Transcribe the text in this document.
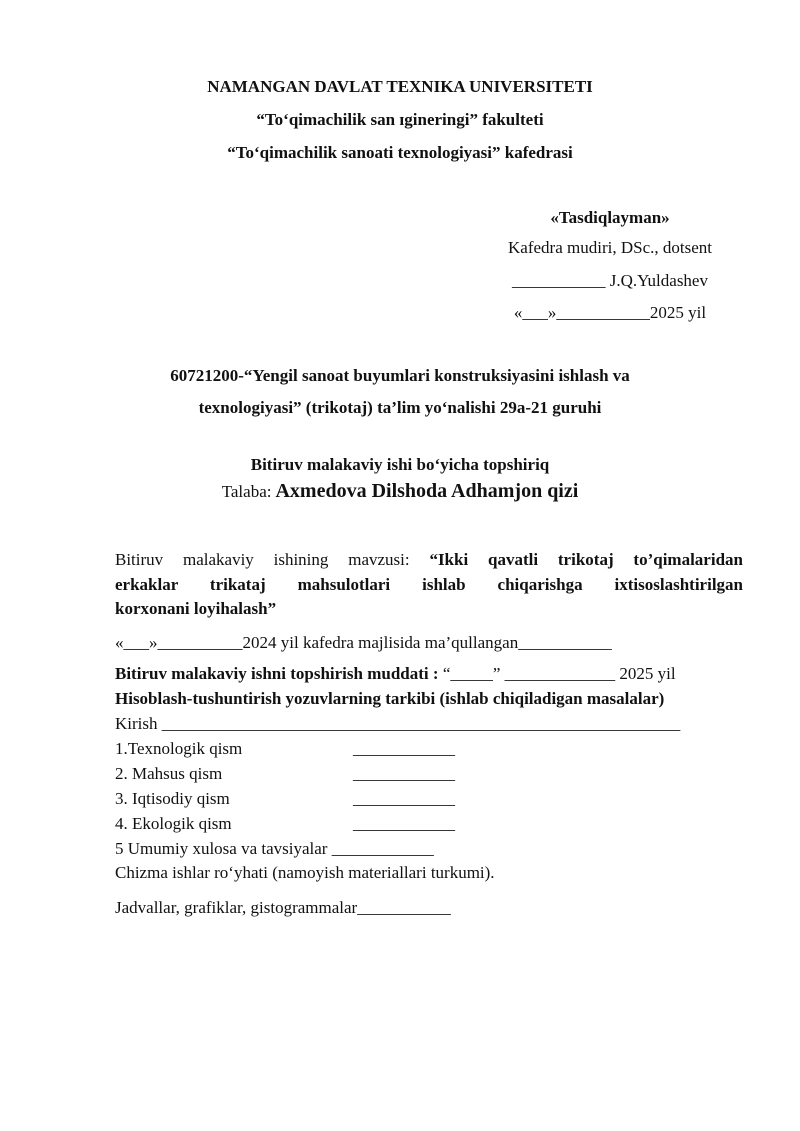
NAMANGAN DAVLAT TEXNIKA UNIVERSITETI
“To‘qimachilik san ɪgineringi” fakulteti
“To‘qimachilik sanoati texnologiyasi” kafedrasi
«Tasdiqlayman»
Kafedra mudiri, DSc., dotsent
___________ J.Q.Yuldashev
«___»___________2025 yil
60721200-“Yengil sanoat buyumlari konstruksiyasini ishlash va
texnologiyasi” (trikotaj) ta’lim yo‘nalishi 29a-21 guruhi
Bitiruv malakaviy ishi bo‘yicha topshiriq
Talaba: Axmedova Dilshoda Adhamjon qizi
Bitiruv malakaviy ishining mavzusi: “Ikki qavatli trikotaj to’qimalaridan
erkaklar trikataj mahsulotlari ishlab chiqarishga ixtisoslashtirilgan
korxonani loyihalash”
«___»__________2024 yil kafedra majlisida ma’qullangan___________
Bitiruv malakaviy ishni topshirish muddati : “_____” _____________ 2025 yil
Hisoblash-tushuntirish yozuvlarning tarkibi (ishlab chiqiladigan masalalar)
Kirish _____________________________________________________________
1.Texnologik qism	____________
2. Mahsus qism	____________
3. Iqtisodiy qism	____________
4. Ekologik qism	____________
5 Umumiy xulosa va tavsiyalar ____________
Chizma ishlar ro‘yhati (namoyish materiallari turkumi).
Jadvallar, grafiklar, gistogrammalar___________
